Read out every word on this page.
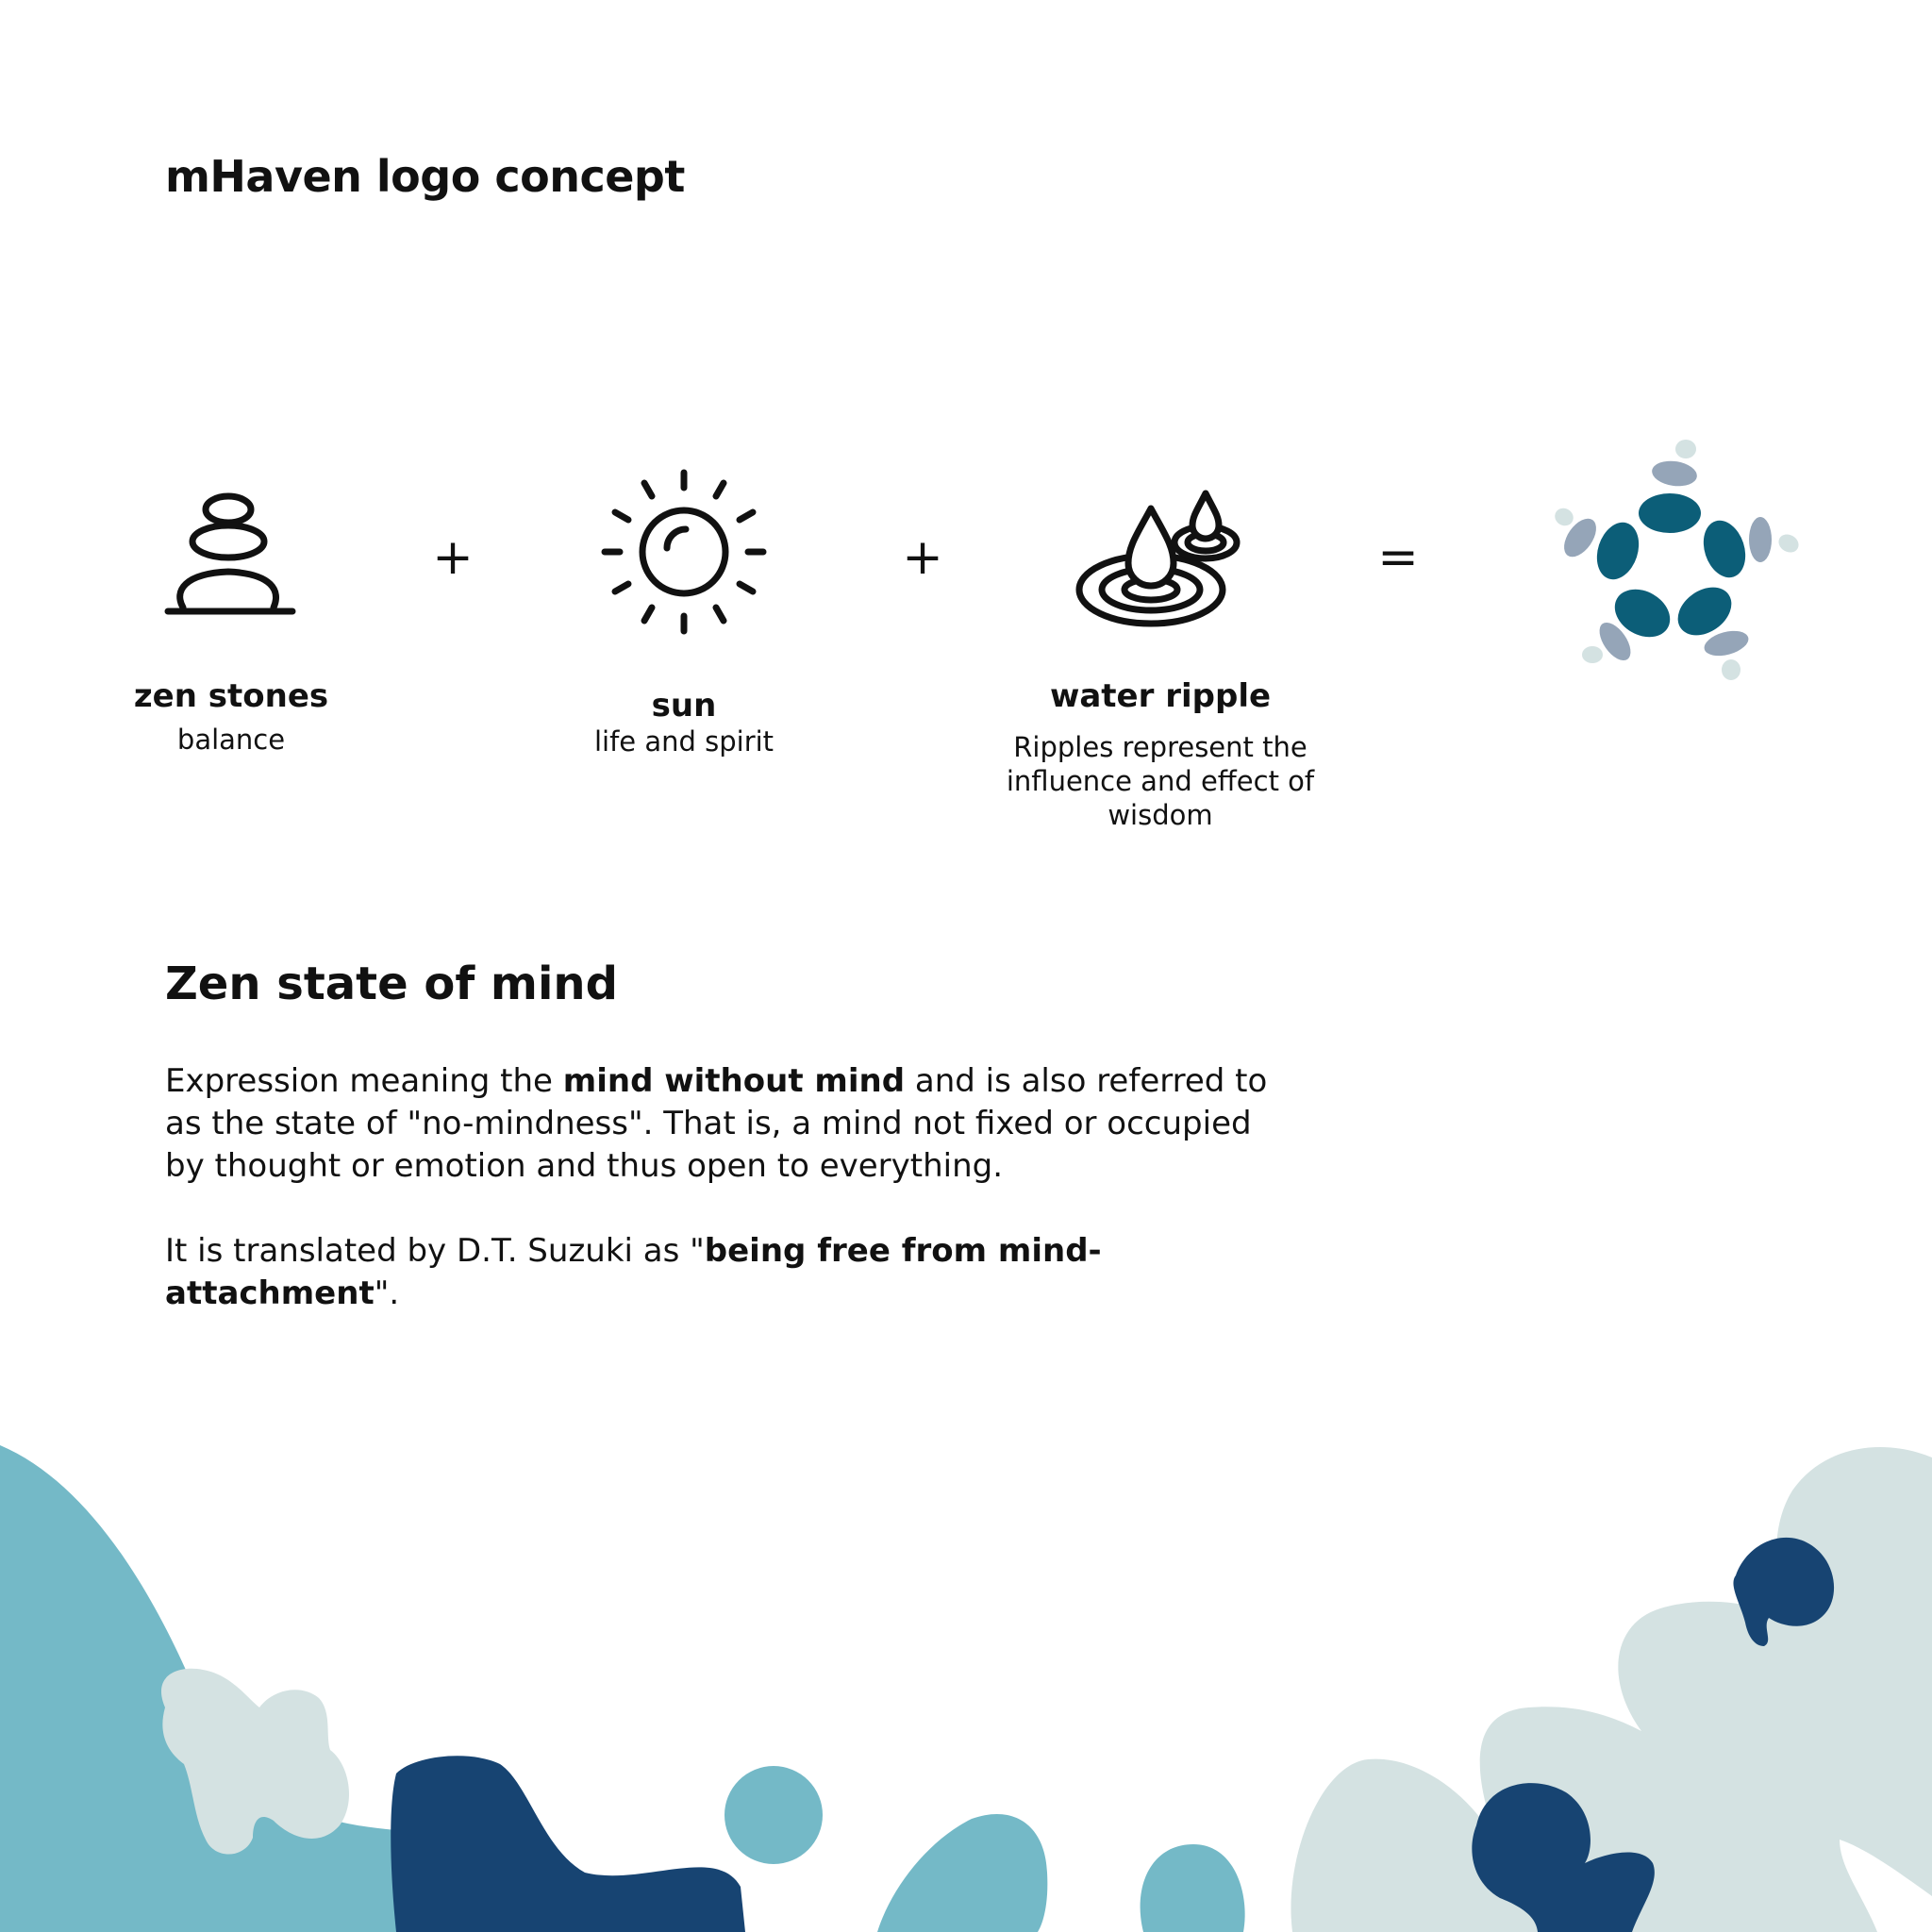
mHaven logo concept
+	+	=
zen stones
balance
sun
life and spirit
water ripple
Ripples represent the influence and effect of wisdom
Zen state of mind

Expression meaning the mind without mind and is also referred to as the state of "no-mindness". That is, a mind not fixed or occupied by thought or emotion and thus open to everything.

It is translated by D.T. Suzuki as "being free from mind-attachment".
